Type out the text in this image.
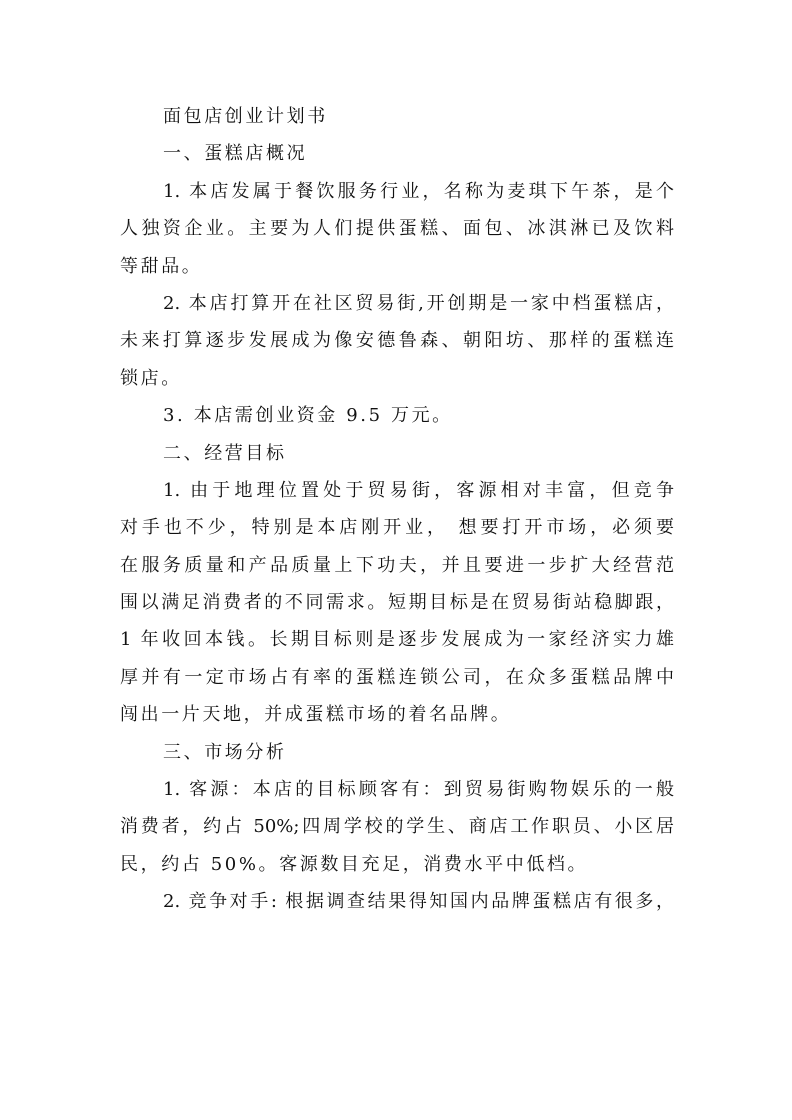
面包店创业计划书
一、蛋糕店概况
1. 本店发属于餐饮服务行业，名称为麦琪下午茶，是个
人独资企业。主要为人们提供蛋糕、面包、冰淇淋已及饮料
等甜品。
2. 本店打算开在社区贸易街,开创期是一家中档蛋糕店，
未来打算逐步发展成为像安德鲁森、朝阳坊、那样的蛋糕连
锁店。
3. 本店需创业资金 9.5 万元。
二、经营目标
1. 由于地理位置处于贸易街，客源相对丰富，但竞争
对手也不少，特别是本店刚开业， 想要打开市场，必须要
在服务质量和产品质量上下功夫，并且要进一步扩大经营范
围以满足消费者的不同需求。短期目标是在贸易街站稳脚跟，
1 年收回本钱。长期目标则是逐步发展成为一家经济实力雄
厚并有一定市场占有率的蛋糕连锁公司，在众多蛋糕品牌中
闯出一片天地，并成蛋糕市场的着名品牌。
三、市场分析
1. 客源：本店的目标顾客有：到贸易街购物娱乐的一般
消费者，约占 50%;四周学校的学生、商店工作职员、小区居
民，约占 50%。客源数目充足，消费水平中低档。
2. 竞争对手: 根据调查结果得知国内品牌蛋糕店有很多，
